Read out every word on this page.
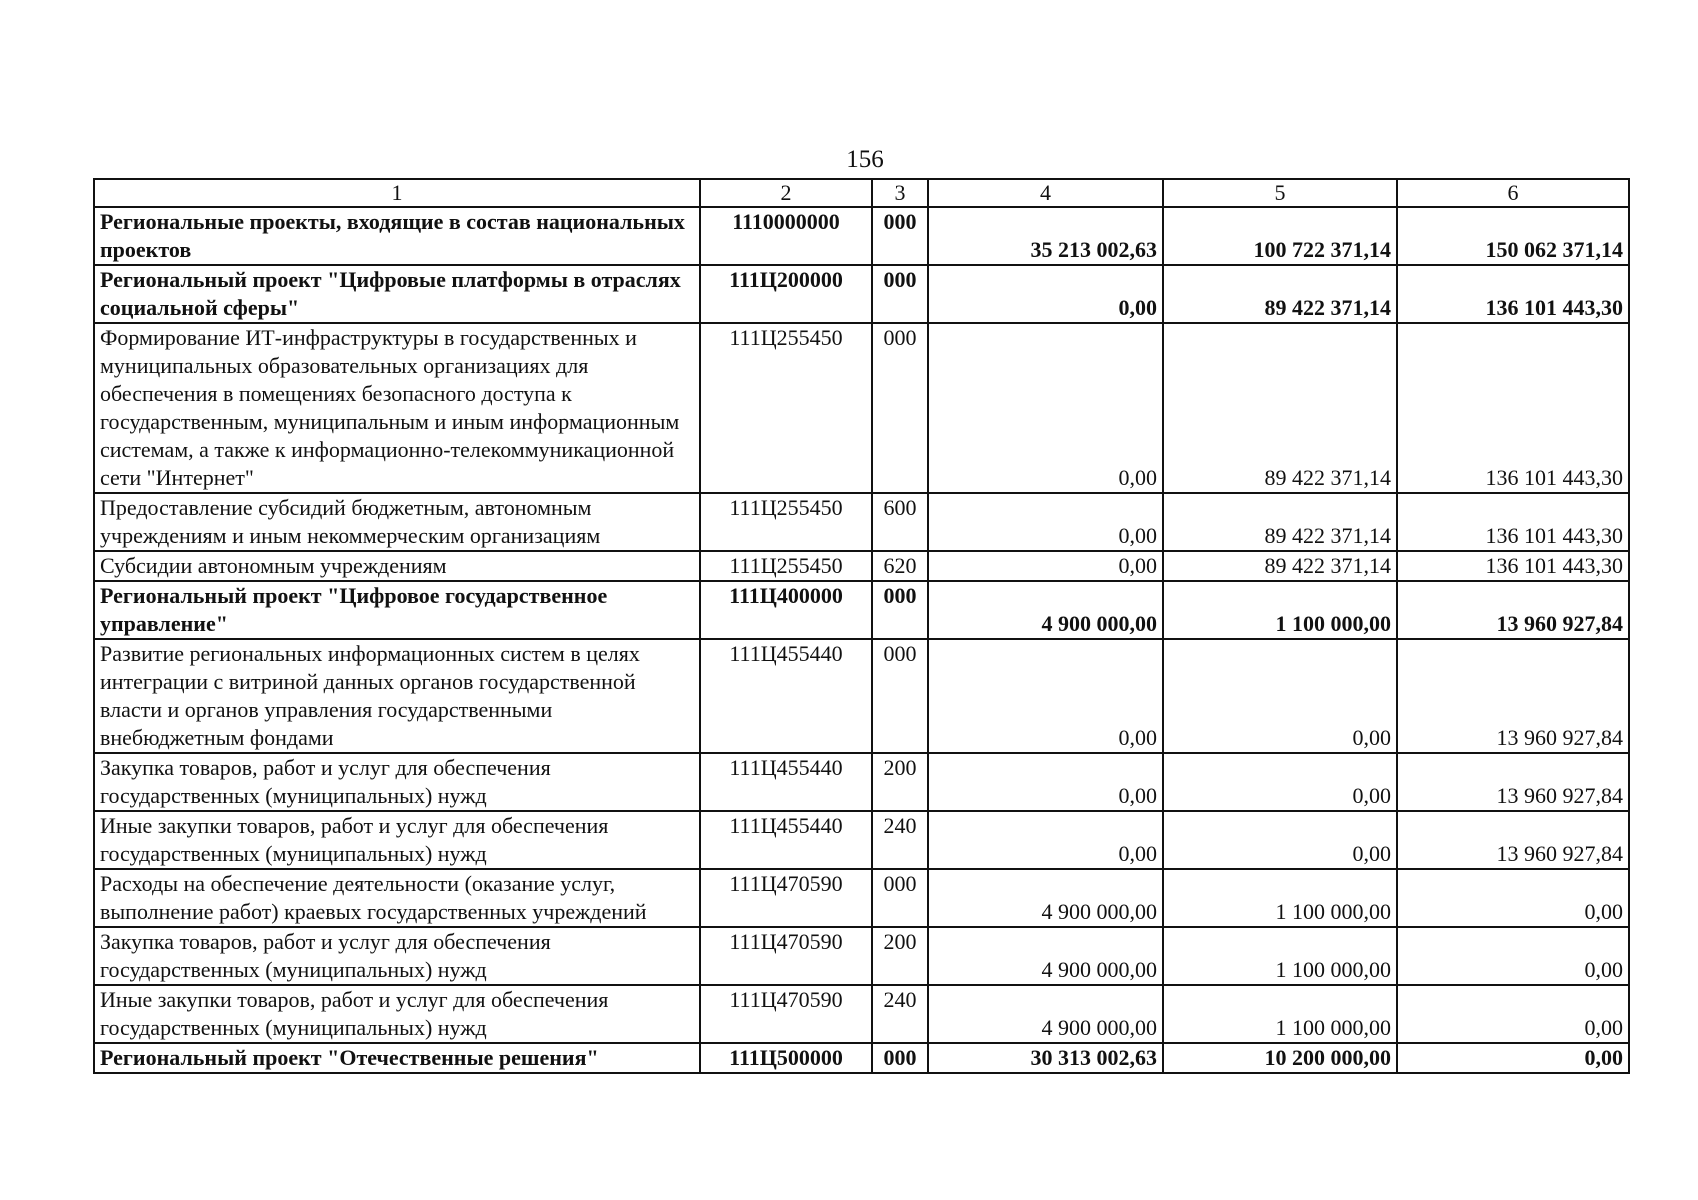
156
1	2	3	4	5	6
Региональные проекты, входящие в состав национальных проектов	1110000000	000	35 213 002,63	100 722 371,14	150 062 371,14
Региональный проект "Цифровые платформы в отраслях социальной сферы"	111Ц200000	000	0,00	89 422 371,14	136 101 443,30
Формирование ИТ-инфраструктуры в государственных и муниципальных образовательных организациях для обеспечения в помещениях безопасного доступа к государственным, муниципальным и иным информационным системам, а также к информационно-телекоммуникационной сети "Интернет"	111Ц255450	000	0,00	89 422 371,14	136 101 443,30
Предоставление субсидий бюджетным, автономным учреждениям и иным некоммерческим организациям	111Ц255450	600	0,00	89 422 371,14	136 101 443,30
Субсидии автономным учреждениям	111Ц255450	620	0,00	89 422 371,14	136 101 443,30
Региональный проект "Цифровое государственное управление"	111Ц400000	000	4 900 000,00	1 100 000,00	13 960 927,84
Развитие региональных информационных систем в целях интеграции с витриной данных органов государственной власти и органов управления государственными внебюджетным фондами	111Ц455440	000	0,00	0,00	13 960 927,84
Закупка товаров, работ и услуг для обеспечения государственных (муниципальных) нужд	111Ц455440	200	0,00	0,00	13 960 927,84
Иные закупки товаров, работ и услуг для обеспечения государственных (муниципальных) нужд	111Ц455440	240	0,00	0,00	13 960 927,84
Расходы на обеспечение деятельности (оказание услуг, выполнение работ) краевых государственных учреждений	111Ц470590	000	4 900 000,00	1 100 000,00	0,00
Закупка товаров, работ и услуг для обеспечения государственных (муниципальных) нужд	111Ц470590	200	4 900 000,00	1 100 000,00	0,00
Иные закупки товаров, работ и услуг для обеспечения государственных (муниципальных) нужд	111Ц470590	240	4 900 000,00	1 100 000,00	0,00
Региональный проект "Отечественные решения"	111Ц500000	000	30 313 002,63	10 200 000,00	0,00
